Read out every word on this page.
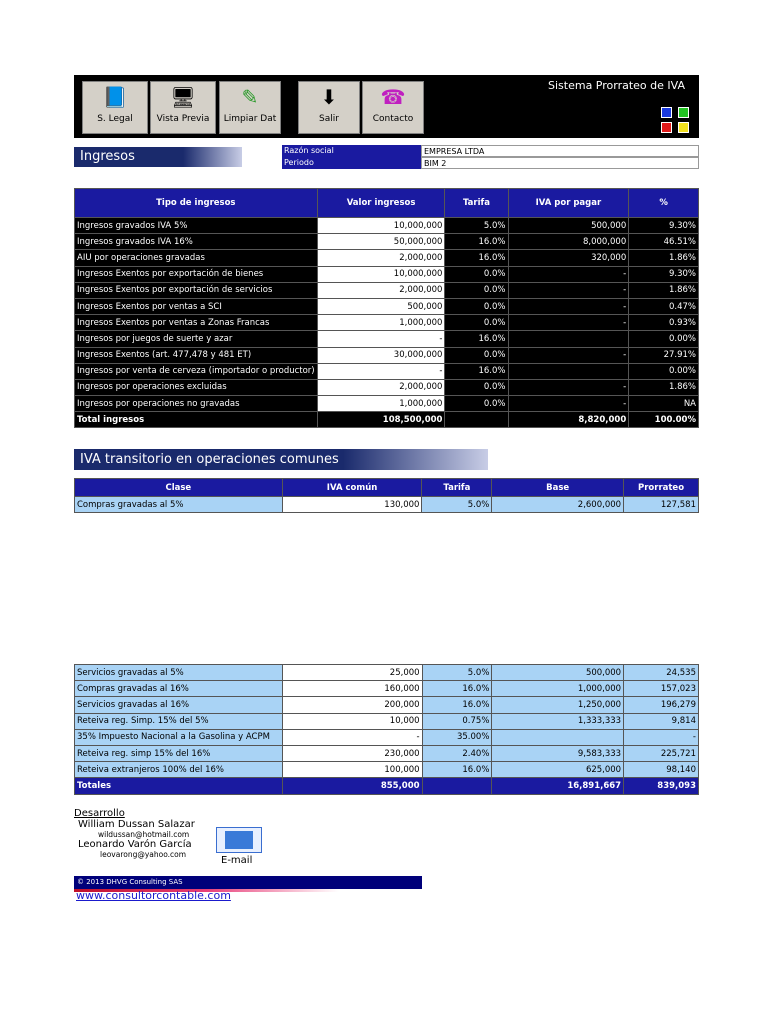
📘
S. Legal
🖥
Vista Previa
✎
Limpiar Dat
⬇
Salir
☎
Contacto
Sistema Prorrateo de IVA
Ingresos	Razón social	EMPRESA LTDA
Periodo	BIM 2
Tipo de ingresos	Valor ingresos	Tarifa	IVA por pagar	%
Ingresos gravados IVA 5%	10,000,000	5.0%	500,000	9.30%
Ingresos gravados IVA 16%	50,000,000	16.0%	8,000,000	46.51%
AIU por operaciones gravadas	2,000,000	16.0%	320,000	1.86%
Ingresos Exentos por exportación de bienes	10,000,000	0.0%	-	9.30%
Ingresos Exentos por exportación de servicios	2,000,000	0.0%	-	1.86%
Ingresos Exentos por ventas a SCI	500,000	0.0%	-	0.47%
Ingresos Exentos por ventas a Zonas Francas	1,000,000	0.0%	-	0.93%
Ingresos por juegos de suerte y azar	-	16.0%		0.00%
Ingresos Exentos (art. 477,478 y 481 ET)	30,000,000	0.0%	-	27.91%
Ingresos por venta de cerveza (importador o productor)	-	16.0%		0.00%
Ingresos por operaciones excluidas	2,000,000	0.0%	-	1.86%
Ingresos por operaciones no gravadas	1,000,000	0.0%	-	NA
Total ingresos	108,500,000		8,820,000	100.00%
IVA transitorio en operaciones comunes
Clase	IVA común	Tarifa	Base	Prorrateo
Compras gravadas al 5%	130,000	5.0%	2,600,000	127,581
Servicios gravadas al 5%	25,000	5.0%	500,000	24,535
Compras gravadas al 16%	160,000	16.0%	1,000,000	157,023
Servicios gravadas al 16%	200,000	16.0%	1,250,000	196,279
Reteiva reg. Simp. 15% del 5%	10,000	0.75%	1,333,333	9,814
35% Impuesto Nacional a la Gasolina y ACPM	-	35.00%		-
Reteiva reg. simp 15% del 16%	230,000	2.40%	9,583,333	225,721
Reteiva extranjeros 100% del 16%	100,000	16.0%	625,000	98,140
Totales	855,000		16,891,667	839,093
Desarrollo
William Dussan Salazar
wildussan@hotmail.com
Leonardo Varón García
leovarong@yahoo.com
E-mail
© 2013 DHVG Consulting SAS
www.consultorcontable.com
